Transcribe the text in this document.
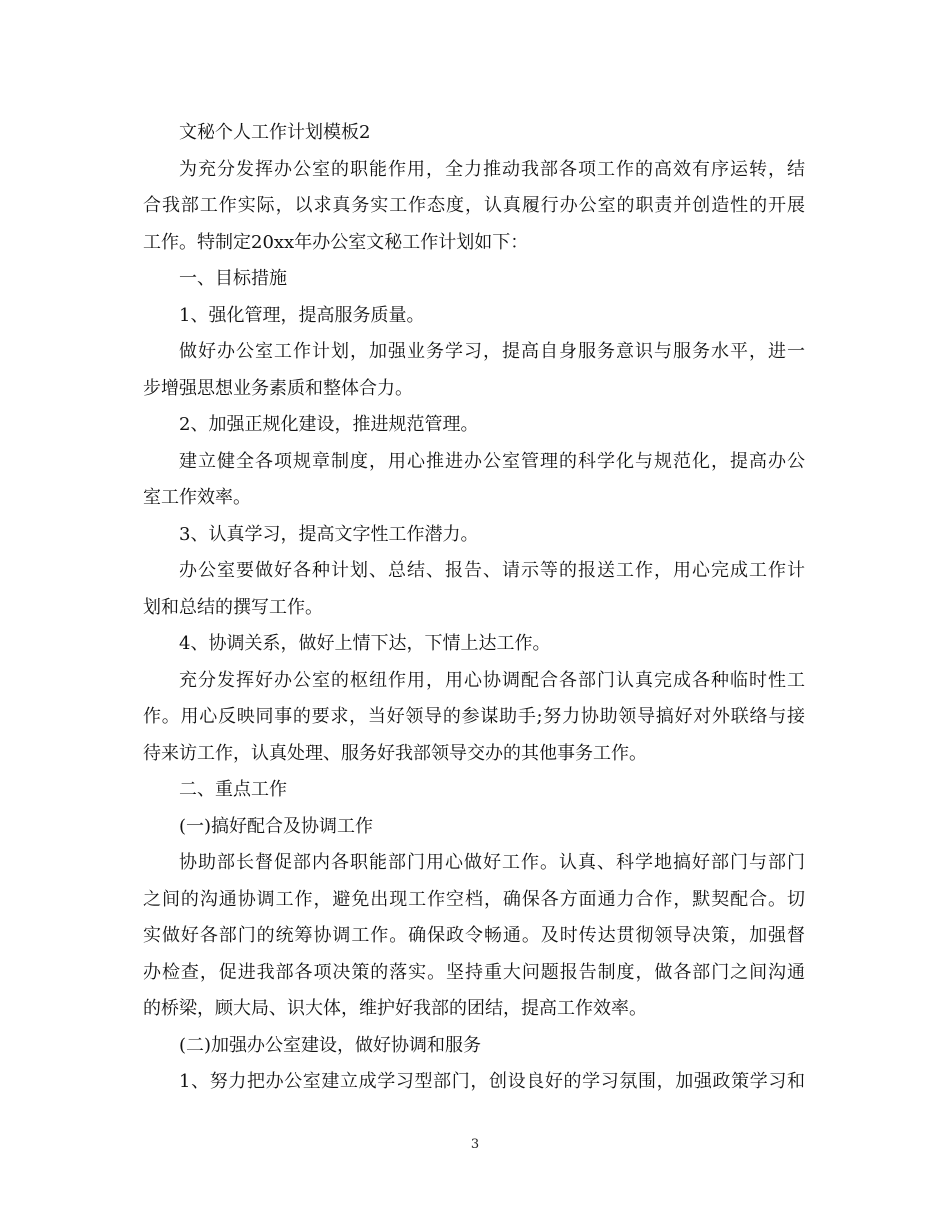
文秘个人工作计划模板2
为充分发挥办公室的职能作用，全力推动我部各项工作的高效有序运转，结
合我部工作实际，以求真务实工作态度，认真履行办公室的职责并创造性的开展
工作。特制定20xx年办公室文秘工作计划如下：
一、目标措施
1、强化管理，提高服务质量。
做好办公室工作计划，加强业务学习，提高自身服务意识与服务水平，进一
步增强思想业务素质和整体合力。
2、加强正规化建设，推进规范管理。
建立健全各项规章制度，用心推进办公室管理的科学化与规范化，提高办公
室工作效率。
3、认真学习，提高文字性工作潜力。
办公室要做好各种计划、总结、报告、请示等的报送工作，用心完成工作计
划和总结的撰写工作。
4、协调关系，做好上情下达，下情上达工作。
充分发挥好办公室的枢纽作用，用心协调配合各部门认真完成各种临时性工
作。用心反映同事的要求，当好领导的参谋助手;努力协助领导搞好对外联络与接
待来访工作，认真处理、服务好我部领导交办的其他事务工作。
二、重点工作
(一)搞好配合及协调工作
协助部长督促部内各职能部门用心做好工作。认真、科学地搞好部门与部门
之间的沟通协调工作，避免出现工作空档，确保各方面通力合作，默契配合。切
实做好各部门的统筹协调工作。确保政令畅通。及时传达贯彻领导决策，加强督
办检查，促进我部各项决策的落实。坚持重大问题报告制度，做各部门之间沟通
的桥梁，顾大局、识大体，维护好我部的团结，提高工作效率。
(二)加强办公室建设，做好协调和服务
1、努力把办公室建立成学习型部门，创设良好的学习氛围，加强政策学习和
3
